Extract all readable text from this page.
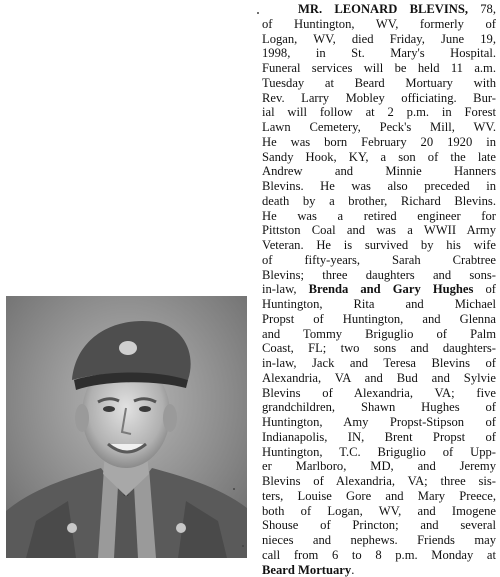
MR. LEONARD BLEVINS, 78,
of Huntington, WV, formerly of
Logan, WV, died Friday, June 19,
1998, in St. Mary's Hospital.
Funeral services will be held 11 a.m.
Tuesday at Beard Mortuary with
Rev. Larry Mobley officiating. Bur-
ial will follow at 2 p.m. in Forest
Lawn Cemetery, Peck's Mill, WV.
He was born February 20 1920 in
Sandy Hook, KY, a son of the late
Andrew and Minnie Hanners
Blevins. He was also preceded in
death by a brother, Richard Blevins.
He was a retired engineer for
Pittston Coal and was a WWII Army
Veteran. He is survived by his wife
of fifty-years, Sarah Crabtree
Blevins; three daughters and sons-
in-law, Brenda and Gary Hughes of
Huntington, Rita and Michael
Propst of Huntington, and Glenna
and Tommy Briguglio of Palm
Coast, FL; two sons and daughters-
in-law, Jack and Teresa Blevins of
Alexandria, VA and Bud and Sylvie
Blevins of Alexandria, VA; five
grandchildren, Shawn Hughes of
Huntington, Amy Propst-Stipson of
Indianapolis, IN, Brent Propst of
Huntington, T.C. Briguglio of Upp-
er Marlboro, MD, and Jeremy
Blevins of Alexandria, VA; three sis-
ters, Louise Gore and Mary Preece,
both of Logan, WV, and Imogene
Shouse of Princton; and several
nieces and nephews. Friends may
call from 6 to 8 p.m. Monday at
Beard Mortuary.
